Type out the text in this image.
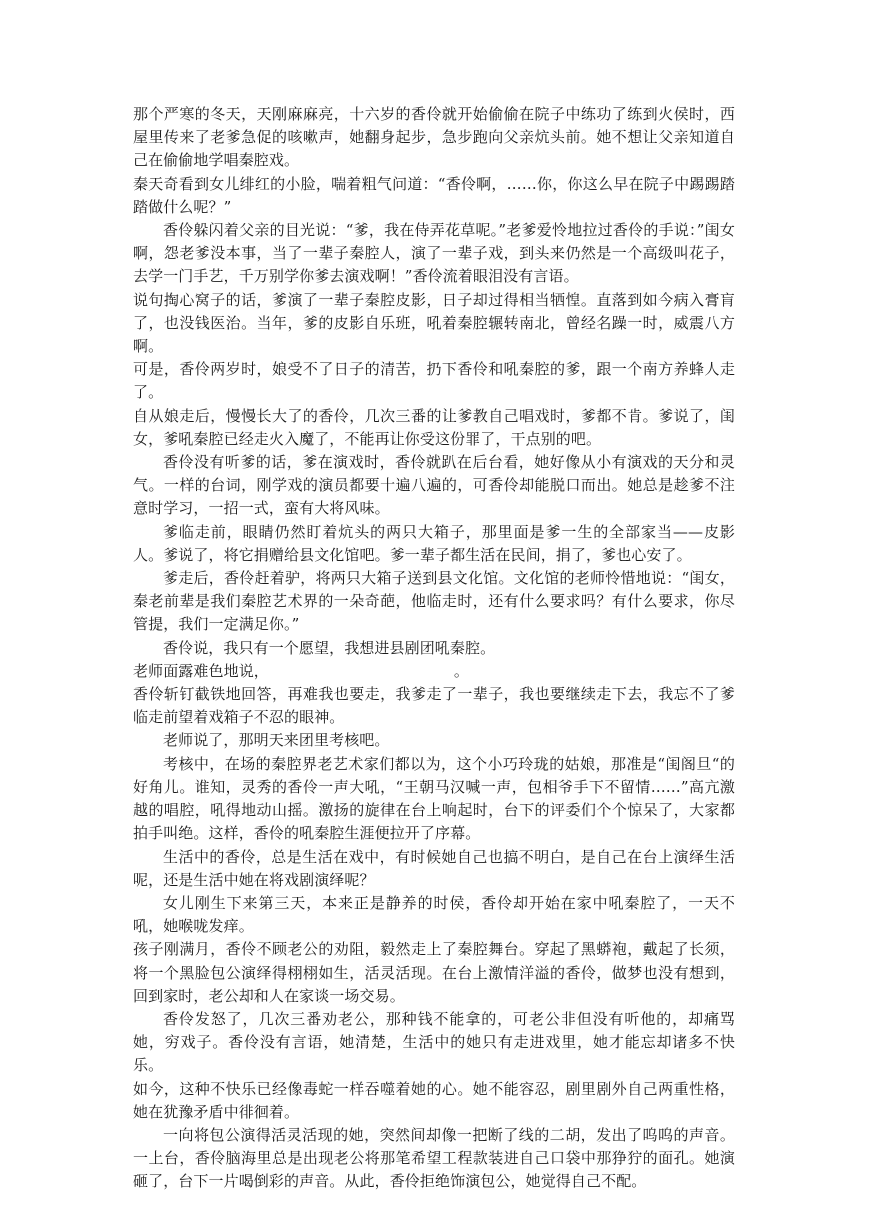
那个严寒的冬天，天刚麻麻亮，十六岁的香伶就开始偷偷在院子中练功了练到火侯时，西屋里传来了老爹急促的咳嗽声，她翻身起步，急步跑向父亲炕头前。她不想让父亲知道自己在偷偷地学唱秦腔戏。

秦天奇看到女儿绯红的小脸，喘着粗气问道：“香伶啊，……你，你这么早在院子中踢踢踏踏做什么呢？”

香伶躲闪着父亲的目光说：“爹，我在侍弄花草呢。”老爹爱怜地拉过香伶的手说：”闺女啊，怨老爹没本事，当了一辈子秦腔人，演了一辈子戏，到头来仍然是一个高级叫花子，去学一门手艺，千万别学你爹去演戏啊！”香伶流着眼泪没有言语。

说句掏心窝子的话，爹演了一辈子秦腔皮影，日子却过得相当牺惶。直落到如今病入膏肓了，也没钱医治。当年，爹的皮影自乐班，吼着秦腔辗转南北，曾经名躁一时，威震八方啊。

可是，香伶两岁时，娘受不了日子的清苦，扔下香伶和吼秦腔的爹，跟一个南方养蜂人走了。

自从娘走后，慢慢长大了的香伶，几次三番的让爹教自己唱戏时，爹都不肯。爹说了，闺女，爹吼秦腔已经走火入魔了，不能再让你受这份罪了，干点别的吧。

香伶没有听爹的话，爹在演戏时，香伶就趴在后台看，她好像从小有演戏的天分和灵气。一样的台词，刚学戏的演员都要十遍八遍的，可香伶却能脱口而出。她总是趁爹不注意时学习，一招一式，蛮有大将风味。

爹临走前，眼睛仍然盯着炕头的两只大箱子，那里面是爹一生的全部家当——皮影人。爹说了，将它捐赠给县文化馆吧。爹一辈子都生活在民间，捐了，爹也心安了。

爹走后，香伶赶着驴，将两只大箱子送到县文化馆。文化馆的老师怜惜地说：“闺女，秦老前辈是我们秦腔艺术界的一朵奇葩，他临走时，还有什么要求吗？有什么要求，你尽管提，我们一定满足你。”

香伶说，我只有一个愿望，我想进县剧团吼秦腔。

老师面露难色地说，	。

香伶斩钉截铁地回答，再难我也要走，我爹走了一辈子，我也要继续走下去，我忘不了爹临走前望着戏箱子不忍的眼神。

老师说了，那明天来团里考核吧。

考核中，在场的秦腔界老艺术家们都以为，这个小巧玲珑的姑娘，那准是“闺阁旦“的好角儿。谁知，灵秀的香伶一声大吼，“王朝马汉喊一声，包相爷手下不留情……”高亢激越的唱腔，吼得地动山摇。激扬的旋律在台上响起时，台下的评委们个个惊呆了，大家都拍手叫绝。这样，香伶的吼秦腔生涯便拉开了序幕。

生活中的香伶，总是生活在戏中，有时候她自己也搞不明白，是自己在台上演绎生活呢，还是生活中她在将戏剧演绎呢？

女儿刚生下来第三天，本来正是静养的时侯，香伶却开始在家中吼秦腔了，一天不吼，她喉咙发痒。

孩子刚满月，香伶不顾老公的劝阻，毅然走上了秦腔舞台。穿起了黑蟒袍，戴起了长须，将一个黑脸包公演绎得栩栩如生，活灵活现。在台上激情洋溢的香伶，做梦也没有想到，回到家时，老公却和人在家谈一场交易。

香伶发怒了，几次三番劝老公，那种钱不能拿的，可老公非但没有听他的，却痛骂她，穷戏子。香伶没有言语，她清楚，生活中的她只有走进戏里，她才能忘却诸多不快乐。

如今，这种不快乐已经像毒蛇一样吞噬着她的心。她不能容忍，剧里剧外自己两重性格，她在犹豫矛盾中徘徊着。

一向将包公演得活灵活现的她，突然间却像一把断了线的二胡，发出了呜呜的声音。一上台，香伶脑海里总是出现老公将那笔希望工程款装进自己口袋中那狰狞的面孔。她演砸了，台下一片喝倒彩的声音。从此，香伶拒绝饰演包公，她觉得自己不配。
